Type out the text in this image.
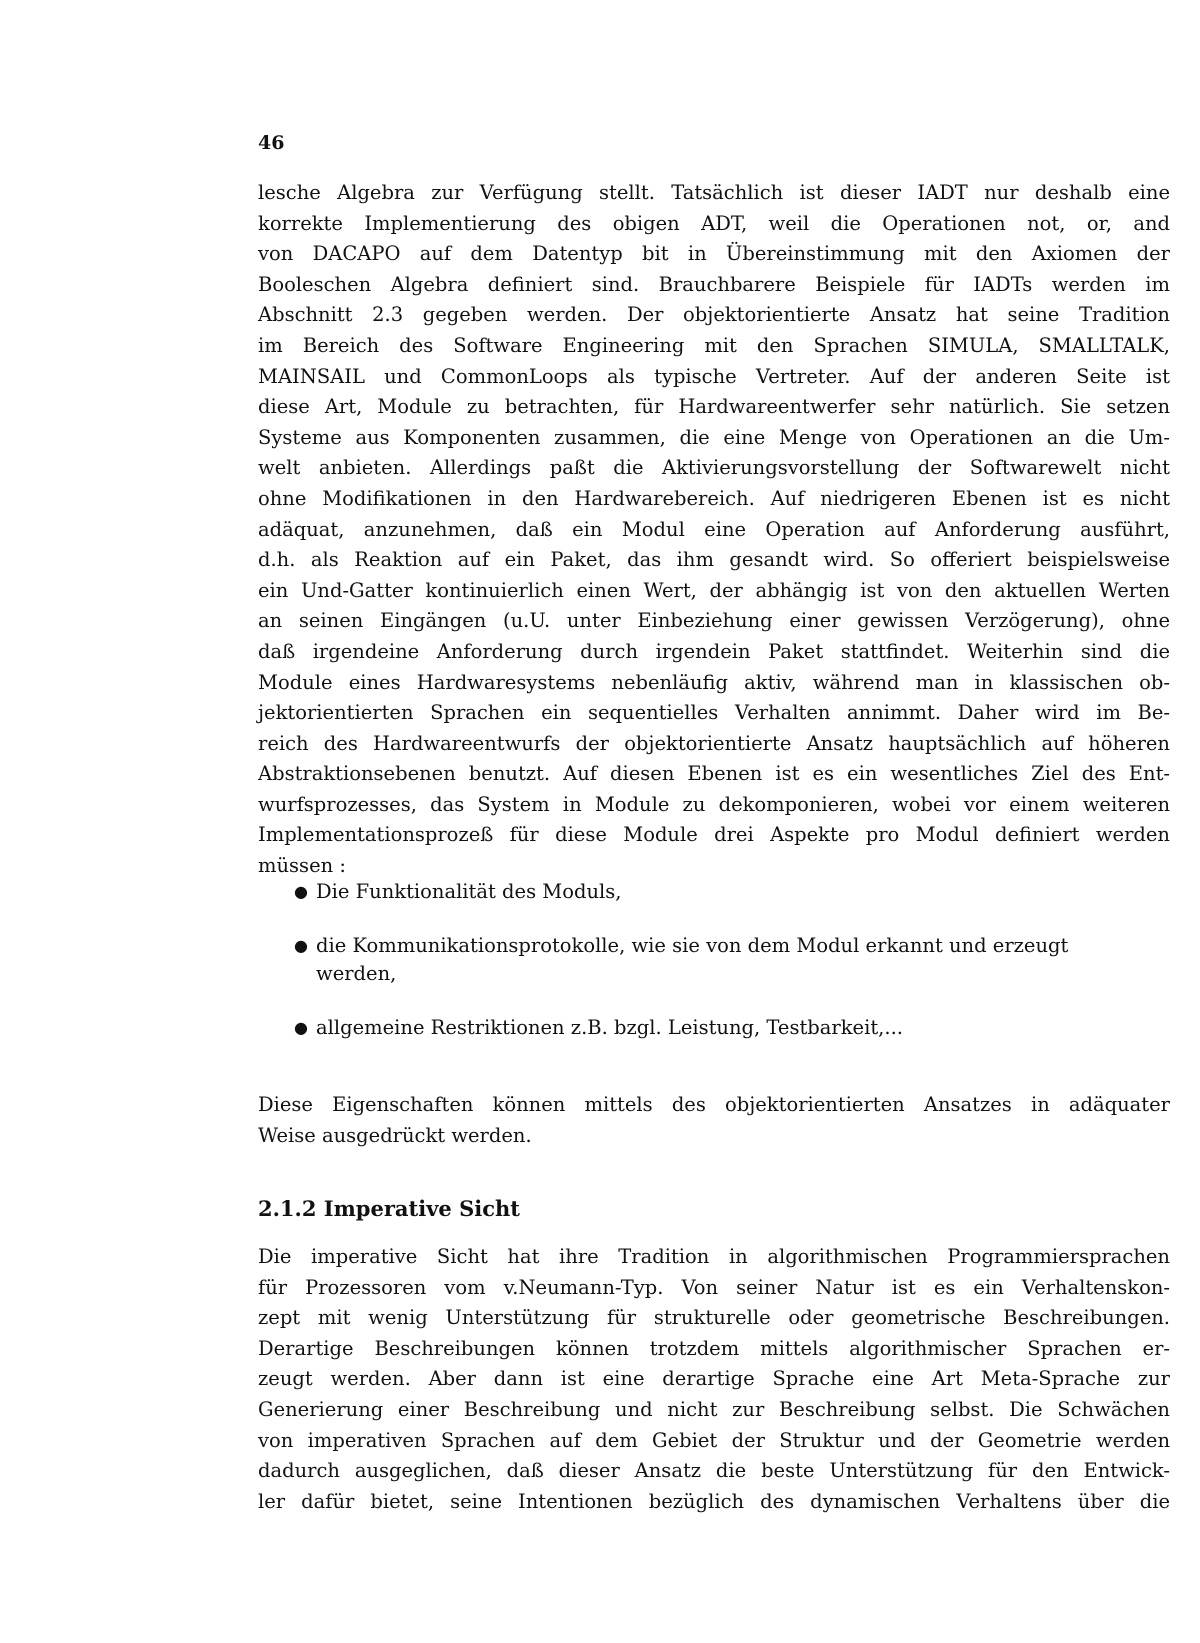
46
lesche Algebra zur Verfügung stellt. Tatsächlich ist dieser IADT nur deshalb eine
korrekte Implementierung des obigen ADT, weil die Operationen not, or, and
von DACAPO auf dem Datentyp bit in Übereinstimmung mit den Axiomen der
Booleschen Algebra definiert sind. Brauchbarere Beispiele für IADTs werden im
Abschnitt 2.3 gegeben werden. Der objektorientierte Ansatz hat seine Tradition
im Bereich des Software Engineering mit den Sprachen SIMULA, SMALLTALK,
MAINSAIL und CommonLoops als typische Vertreter. Auf der anderen Seite ist
diese Art, Module zu betrachten, für Hardwareentwerfer sehr natürlich. Sie setzen
Systeme aus Komponenten zusammen, die eine Menge von Operationen an die Um-
welt anbieten. Allerdings paßt die Aktivierungsvorstellung der Softwarewelt nicht
ohne Modifikationen in den Hardwarebereich. Auf niedrigeren Ebenen ist es nicht
adäquat, anzunehmen, daß ein Modul eine Operation auf Anforderung ausführt,
d.h. als Reaktion auf ein Paket, das ihm gesandt wird. So offeriert beispielsweise
ein Und-Gatter kontinuierlich einen Wert, der abhängig ist von den aktuellen Werten
an seinen Eingängen (u.U. unter Einbeziehung einer gewissen Verzögerung), ohne
daß irgendeine Anforderung durch irgendein Paket stattfindet. Weiterhin sind die
Module eines Hardwaresystems nebenläufig aktiv, während man in klassischen ob-
jektorientierten Sprachen ein sequentielles Verhalten annimmt. Daher wird im Be-
reich des Hardwareentwurfs der objektorientierte Ansatz hauptsächlich auf höheren
Abstraktionsebenen benutzt. Auf diesen Ebenen ist es ein wesentliches Ziel des Ent-
wurfsprozesses, das System in Module zu dekomponieren, wobei vor einem weiteren
Implementationsprozeß für diese Module drei Aspekte pro Modul definiert werden
müssen :
● Die Funktionalität des Moduls,
● die Kommunikationsprotokolle, wie sie von dem Modul erkannt und erzeugt
werden,
● allgemeine Restriktionen z.B. bzgl. Leistung, Testbarkeit,...
Diese Eigenschaften können mittels des objektorientierten Ansatzes in adäquater
Weise ausgedrückt werden.
2.1.2 Imperative Sicht
Die imperative Sicht hat ihre Tradition in algorithmischen Programmiersprachen
für Prozessoren vom v.Neumann-Typ. Von seiner Natur ist es ein Verhaltenskon-
zept mit wenig Unterstützung für strukturelle oder geometrische Beschreibungen.
Derartige Beschreibungen können trotzdem mittels algorithmischer Sprachen er-
zeugt werden. Aber dann ist eine derartige Sprache eine Art Meta-Sprache zur
Generierung einer Beschreibung und nicht zur Beschreibung selbst. Die Schwächen
von imperativen Sprachen auf dem Gebiet der Struktur und der Geometrie werden
dadurch ausgeglichen, daß dieser Ansatz die beste Unterstützung für den Entwick-
ler dafür bietet, seine Intentionen bezüglich des dynamischen Verhaltens über die
